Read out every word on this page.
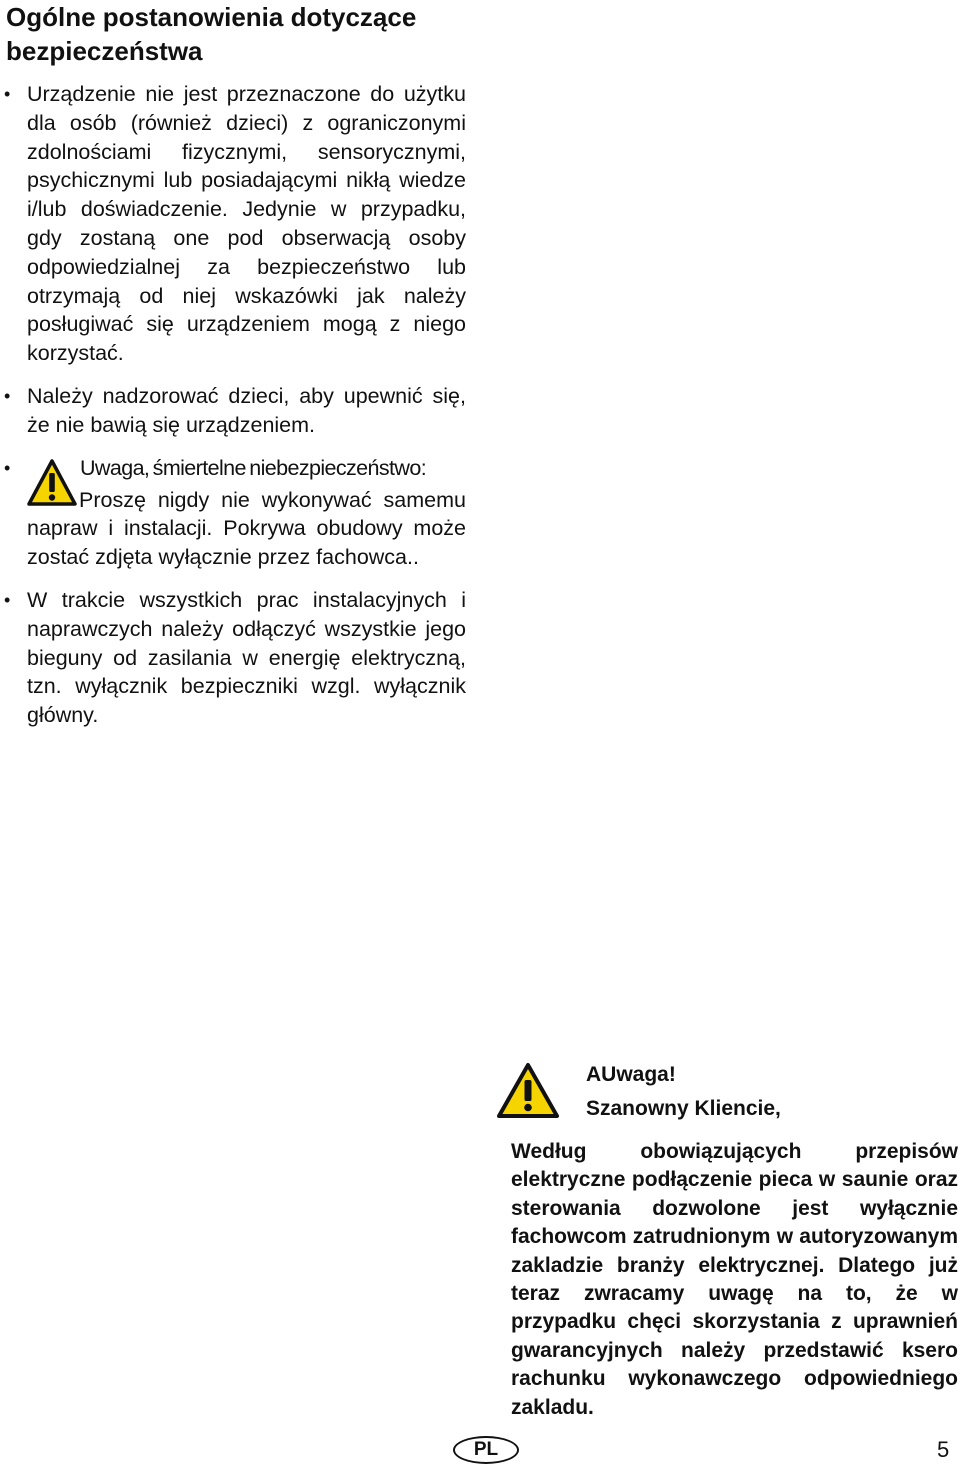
Ogólne postanowienia dotyczące
bezpieczeństwa
• Urządzenie nie jest przeznaczone do użytku dla osób (również dzieci) z ograniczonymi zdolnościami fizycznymi, sensorycznymi, psychicznymi lub posiadającymi nikłą wiedze i/lub doświadczenie. Jedynie w przypadku, gdy zostaną one pod obserwacją osoby odpowiedzialnej za bezpieczeństwo lub otrzymają od niej wskazówki jak należy posługiwać się urządzeniem mogą z niego korzystać.

• Należy nadzorować dzieci, aby upewnić się, że nie bawią się urządzeniem.

•	Uwaga, śmiertelne niebezpieczeństwo:

Proszę nigdy nie wykonywać samemu napraw i instalacji. Pokrywa obudowy może zostać zdjęta wyłącznie przez fachowca..

• W trakcie wszystkich prac instalacyjnych i naprawczych należy odłączyć wszystkie jego bieguny od zasilania w energię elektryczną, tzn. wyłącznik bezpieczniki wzgl. wyłącznik główny.

AUwaga!
Szanowny Kliencie,

Według obowiązujących przepisów elektryczne podłączenie pieca w saunie oraz sterowania dozwolone jest wyłącznie fachowcom zatrudnionym w autoryzowanym zakladzie branży elektrycznej. Dlatego już teraz zwracamy uwagę na to, że w przypadku chęci skorzystania z uprawnień gwarancyjnych należy przedstawić ksero rachunku wykonawczego odpowiedniego zakladu.

PL	5
